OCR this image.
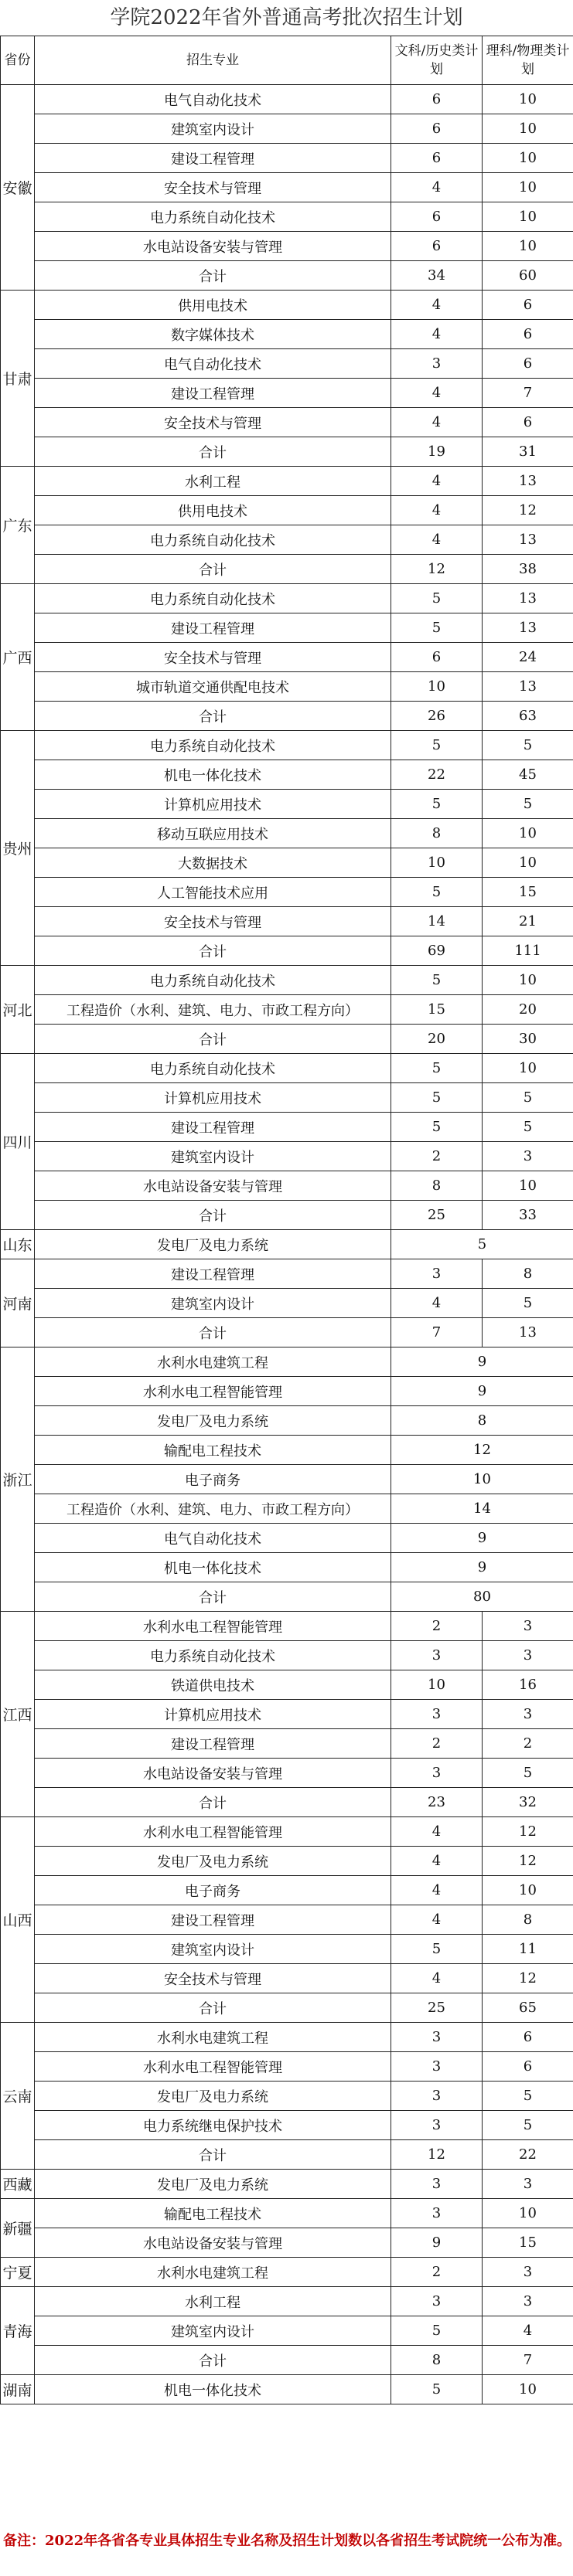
学院2022年省外普通高考批次招生计划
省份	招生专业	文科/历史类计划	理科/物理类计划
安徽	电气自动化技术	6	10
	建筑室内设计	6	10
	建设工程管理	6	10
	安全技术与管理	4	10
	电力系统自动化技术	6	10
	水电站设备安装与管理	6	10
	合计	34	60
甘肃	供用电技术	4	6
	数字媒体技术	4	6
	电气自动化技术	3	6
	建设工程管理	4	7
	安全技术与管理	4	6
	合计	19	31
广东	水利工程	4	13
	供用电技术	4	12
	电力系统自动化技术	4	13
	合计	12	38
广西	电力系统自动化技术	5	13
	建设工程管理	5	13
	安全技术与管理	6	24
	城市轨道交通供配电技术	10	13
	合计	26	63
贵州	电力系统自动化技术	5	5
	机电一体化技术	22	45
	计算机应用技术	5	5
	移动互联应用技术	8	10
	大数据技术	10	10
	人工智能技术应用	5	15
	安全技术与管理	14	21
	合计	69	111
河北	电力系统自动化技术	5	10
	工程造价（水利、建筑、电力、市政工程方向）	15	20
	合计	20	30
四川	电力系统自动化技术	5	10
	计算机应用技术	5	5
	建设工程管理	5	5
	建筑室内设计	2	3
	水电站设备安装与管理	8	10
	合计	25	33
山东	发电厂及电力系统	5	
河南	建设工程管理	3	8
	建筑室内设计	4	5
	合计	7	13
浙江	水利水电建筑工程	9	
	水利水电工程智能管理	9	
	发电厂及电力系统	8	
	输配电工程技术	12	
	电子商务	10	
	工程造价（水利、建筑、电力、市政工程方向）	14	
	电气自动化技术	9	
	机电一体化技术	9	
	合计	80	
江西	水利水电工程智能管理	2	3
	电力系统自动化技术	3	3
	铁道供电技术	10	16
	计算机应用技术	3	3
	建设工程管理	2	2
	水电站设备安装与管理	3	5
	合计	23	32
山西	水利水电工程智能管理	4	12
	发电厂及电力系统	4	12
	电子商务	4	10
	建设工程管理	4	8
	建筑室内设计	5	11
	安全技术与管理	4	12
	合计	25	65
云南	水利水电建筑工程	3	6
	水利水电工程智能管理	3	6
	发电厂及电力系统	3	5
	电力系统继电保护技术	3	5
	合计	12	22
西藏	发电厂及电力系统	3	3
新疆	输配电工程技术	3	10
	水电站设备安装与管理	9	15
宁夏	水利水电建筑工程	2	3
青海	水利工程	3	3
	建筑室内设计	5	4
	合计	8	7
湖南	机电一体化技术	5	10
备注：2022年各省各专业具体招生专业名称及招生计划数以各省招生考试院统一公布为准。
